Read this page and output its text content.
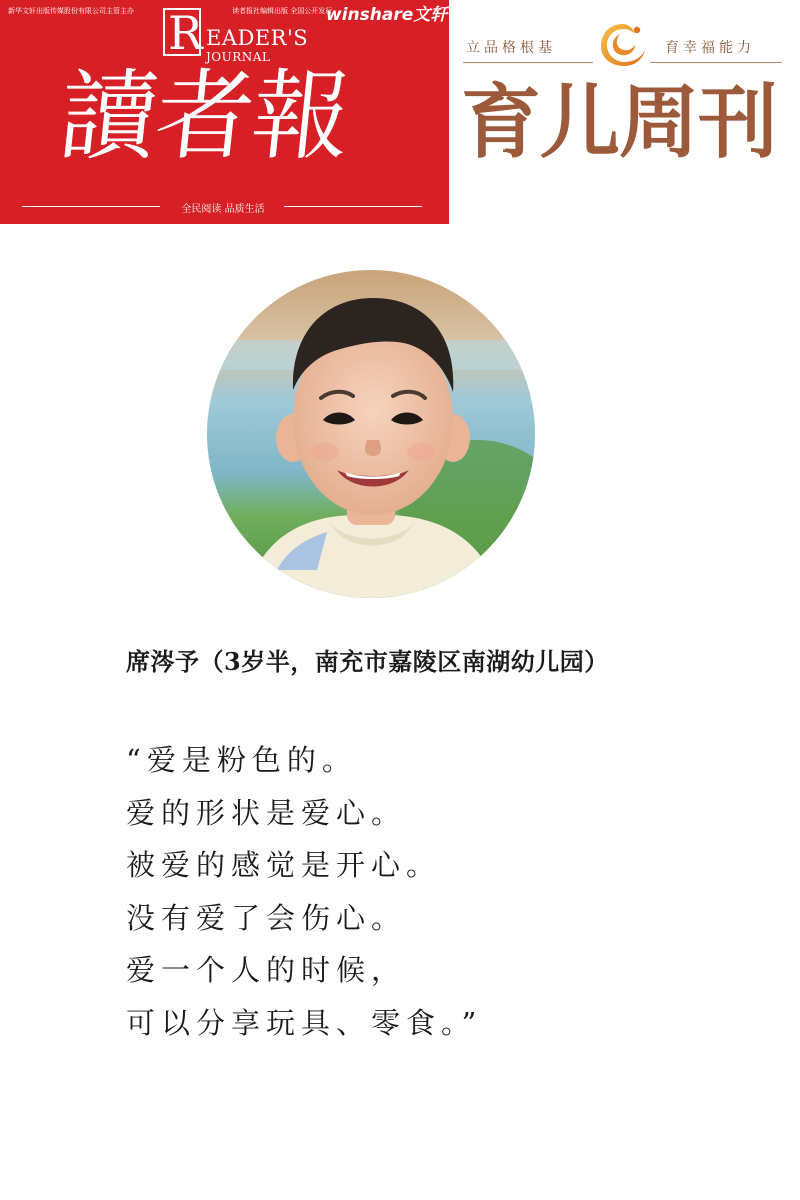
新华文轩出版传媒股份有限公司主管主办	读者报社编辑出版 全国公开发行
winshare文轩
R EADER'S
JOURNAL
讀者報
全民阅读 品质生活
立品格根基	育幸福能力
育儿周刊
席涔予（3岁半，南充市嘉陵区南湖幼儿园）
“爱是粉色的。
爱的形状是爱心。
被爱的感觉是开心。
没有爱了会伤心。
爱一个人的时候，
可以分享玩具、零食。”
